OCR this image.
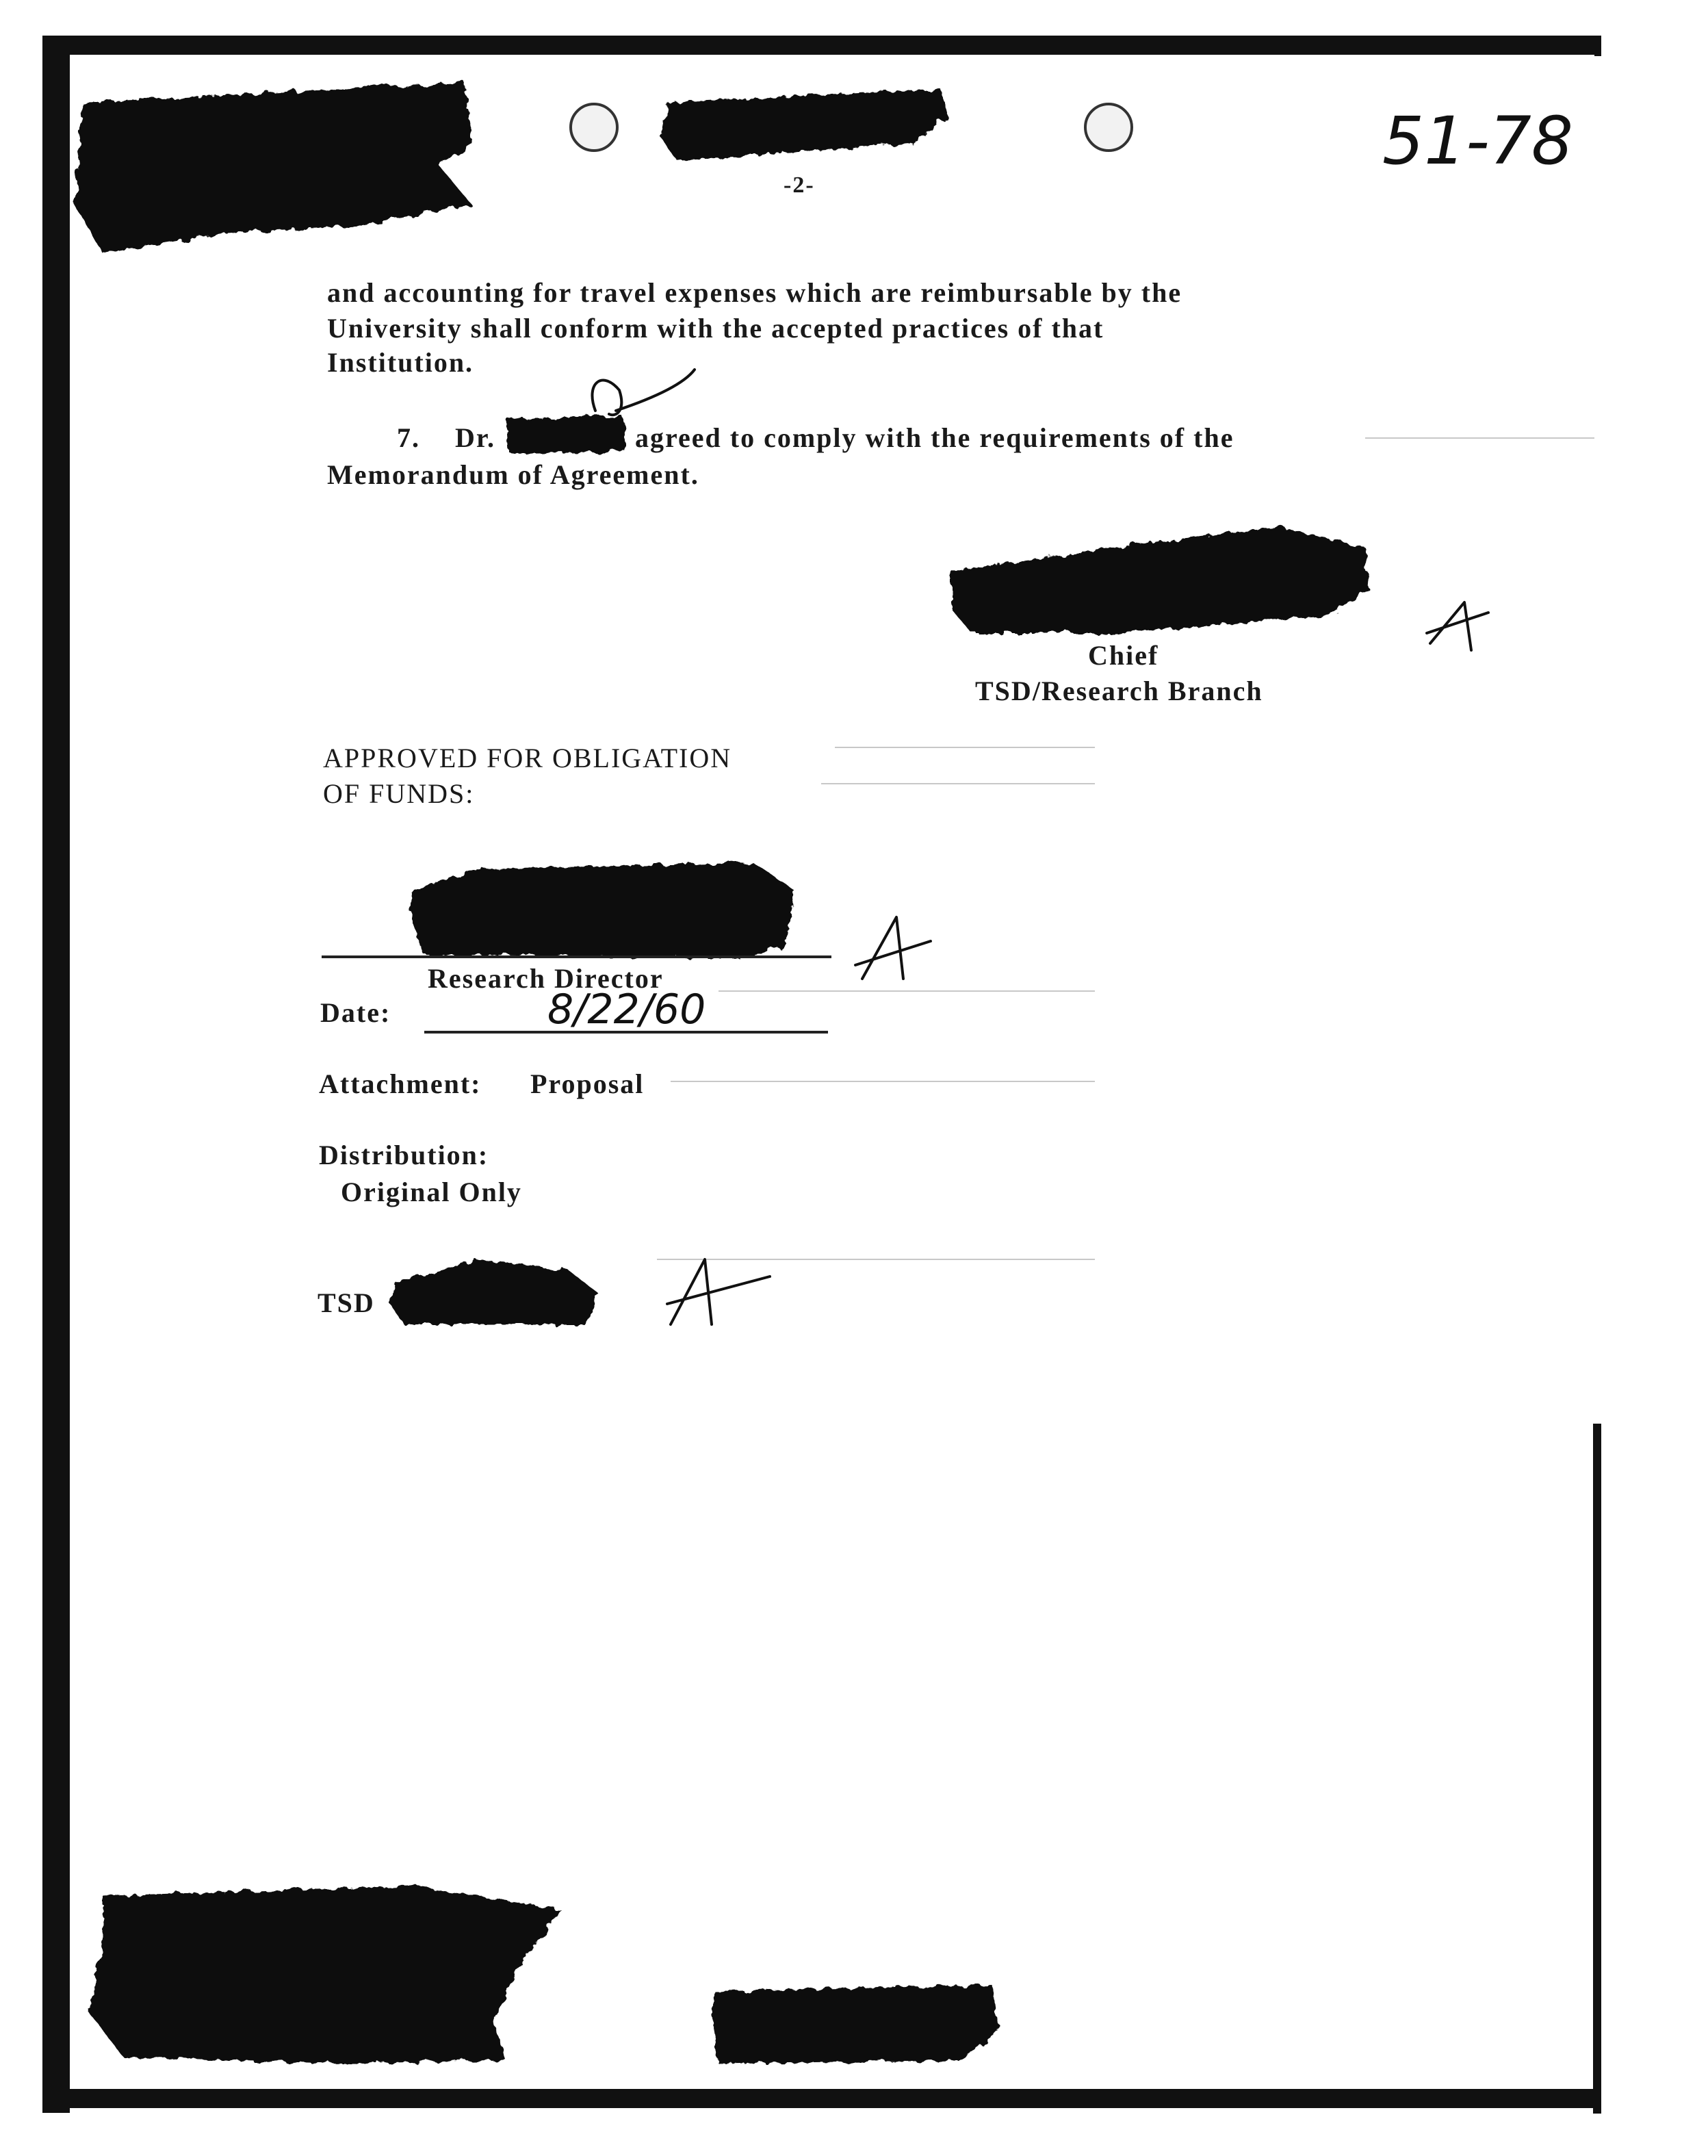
51-78
-2-
and accounting for travel expenses which are reimbursable by the
University shall conform with the accepted practices of that
Institution.
7. Dr.	agreed to comply with the requirements of the
Memorandum of Agreement.
Chief
TSD/Research Branch
APPROVED FOR OBLIGATION
OF FUNDS:
Research Director
Date:	8/22/60
Attachment: Proposal
Distribution:
Original Only
TSD
